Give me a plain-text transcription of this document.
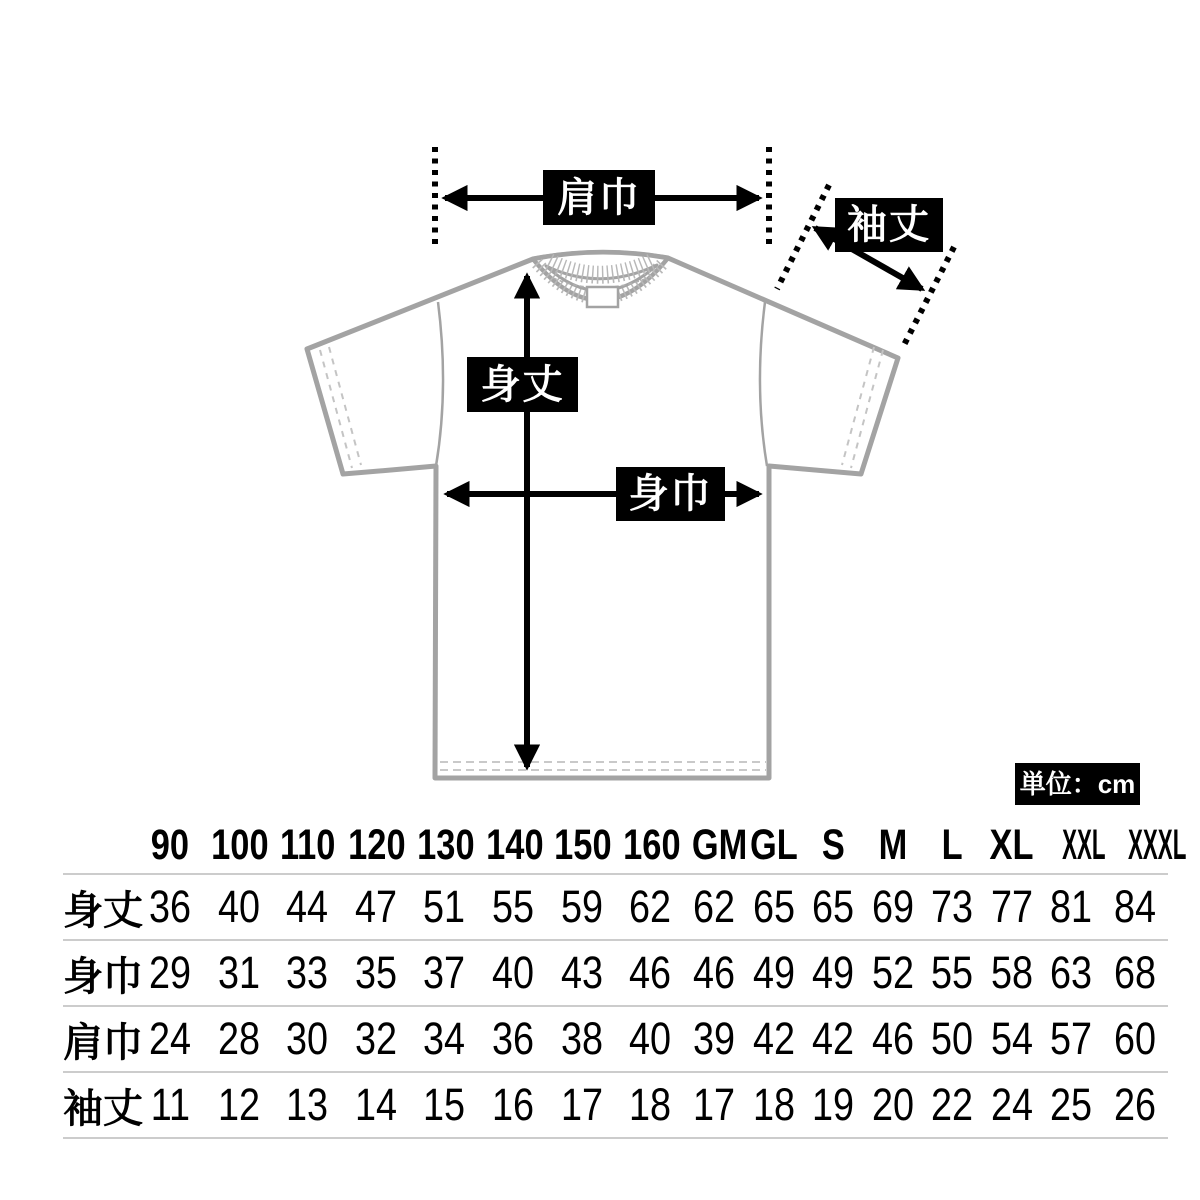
肩巾
袖丈
身丈
身巾
単位：cm
	90	100	110	120	130	140	150	160	GM	GL	S	M	L	XL	XXL	XXXL
身丈	36	40	44	47	51	55	59	62	62	65	65	69	73	77	81	84
身巾	29	31	33	35	37	40	43	46	46	49	49	52	55	58	63	68
肩巾	24	28	30	32	34	36	38	40	39	42	42	46	50	54	57	60
袖丈	11	12	13	14	15	16	17	18	17	18	19	20	22	24	25	26
